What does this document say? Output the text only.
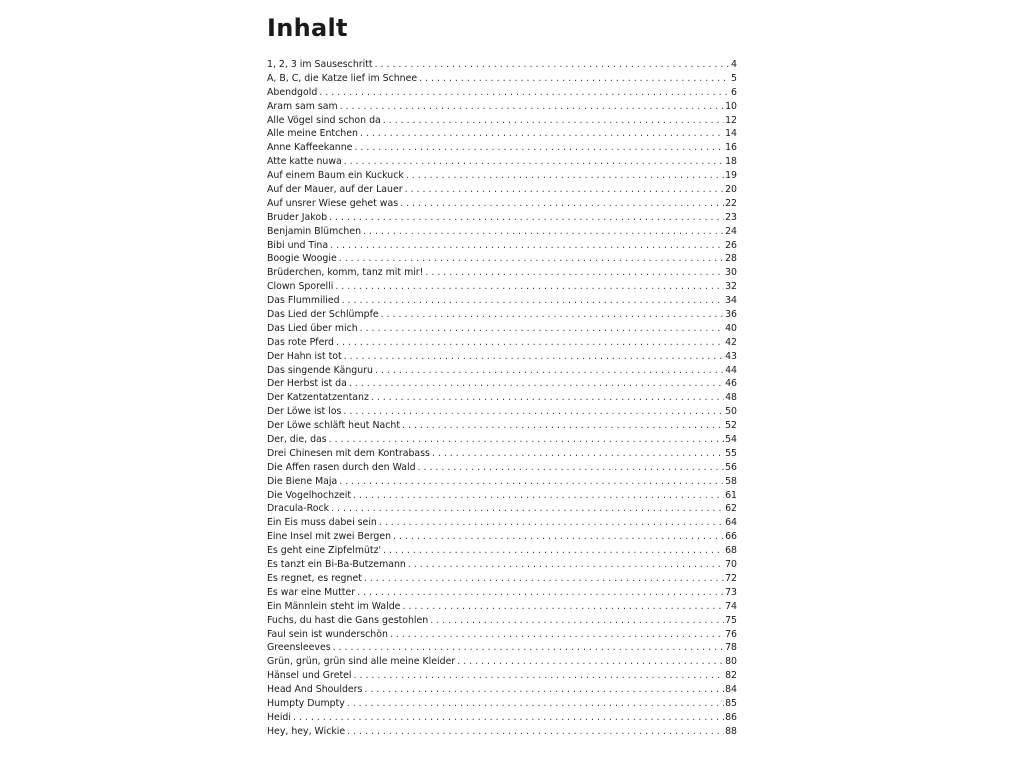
Inhalt
1, 2, 3 im Sauseschritt . . .	4
A, B, C, die Katze lief im Schnee . . .	5
Abendgold . . .	6
Aram sam sam . . .	10
Alle Vögel sind schon da . . .	12
Alle meine Entchen . . .	14
Anne Kaffeekanne . . .	16
Atte katte nuwa . . .	18
Auf einem Baum ein Kuckuck . . .	19
Auf der Mauer, auf der Lauer . . .	20
Auf unsrer Wiese gehet was . . .	22
Bruder Jakob . . .	23
Benjamin Blümchen . . .	24
Bibi und Tina . . .	26
Boogie Woogie . . .	28
Brüderchen, komm, tanz mit mir! . . .	30
Clown Sporelli . . .	32
Das Flummilied . . .	34
Das Lied der Schlümpfe . . .	36
Das Lied über mich . . .	40
Das rote Pferd . . .	42
Der Hahn ist tot . . .	43
Das singende Känguru . . .	44
Der Herbst ist da . . .	46
Der Katzentatzentanz . . .	48
Der Löwe ist los . . .	50
Der Löwe schläft heut Nacht . . .	52
Der, die, das . . .	54
Drei Chinesen mit dem Kontrabass . . .	55
Die Affen rasen durch den Wald . . .	56
Die Biene Maja . . .	58
Die Vogelhochzeit . . .	61
Dracula-Rock . . .	62
Ein Eis muss dabei sein . . .	64
Eine Insel mit zwei Bergen . . .	66
Es geht eine Zipfelmütz' . . .	68
Es tanzt ein Bi-Ba-Butzemann . . .	70
Es regnet, es regnet . . .	72
Es war eine Mutter . . .	73
Ein Männlein steht im Walde . . .	74
Fuchs, du hast die Gans gestohlen . . .	75
Faul sein ist wunderschön . . .	76
Greensleeves . . .	78
Grün, grün, grün sind alle meine Kleider . . .	80
Hänsel und Gretel . . .	82
Head And Shoulders . . .	84
Humpty Dumpty . . .	85
Heidi . . .	86
Hey, hey, Wickie . . .	88
